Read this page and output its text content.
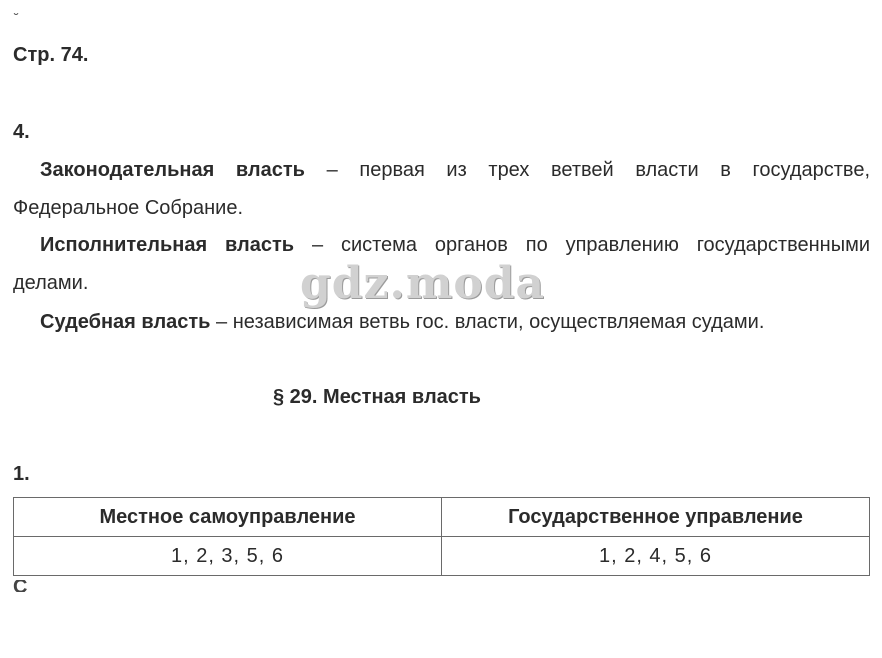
˘
Стр. 74.
4.
Законодательная власть – первая из трех ветвей власти в государстве,
Федеральное Собрание.
Исполнительная власть – система органов по управлению государственными
делами.
Судебная власть – независимая ветвь гос. власти, осуществляемая судами.
gdz.moda
§ 29. Местная власть
1.
Местное самоуправление	Государственное управление
1, 2, 3, 5, 6	1, 2, 4, 5, 6
С‍‍
